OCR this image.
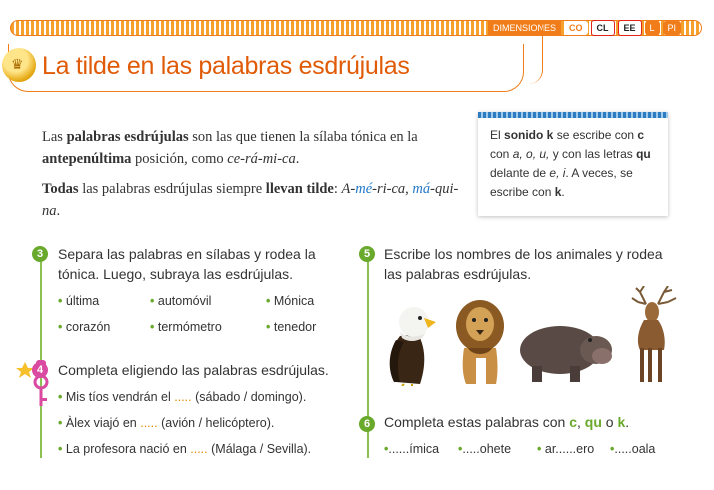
DIMENSIONES	CO	CL	EE	L	PI
♛ La tilde en las palabras esdrújulas
Las palabras esdrújulas son las que tienen la sílaba tónica en la antepenúltima posición, como ce-rá-mi-ca.
Todas las palabras esdrújulas siempre llevan tilde: A-mé-ri-ca, má-qui-na.
El sonido k se escribe con c con a, o, u, y con las letras qu delante de e, i. A veces, se escribe con k.
3	Separa las palabras en sílabas y rodea la tónica. Luego, subraya las esdrújulas.
• última	• automóvil	• Mónica
• corazón	• termómetro	• tenedor
4	Completa eligiendo las palabras esdrújulas.
• Mis tíos vendrán el ..... (sábado / domingo).
• Àlex viajó en ..... (avión / helicóptero).
• La profesora nació en ..... (Málaga / Sevilla).
5 Escribe los nombres de los animales y rodea las palabras esdrújulas.
6 Completa estas palabras con c, qu o k.
•......ímica •.....ohete • ar......ero •.....oala
